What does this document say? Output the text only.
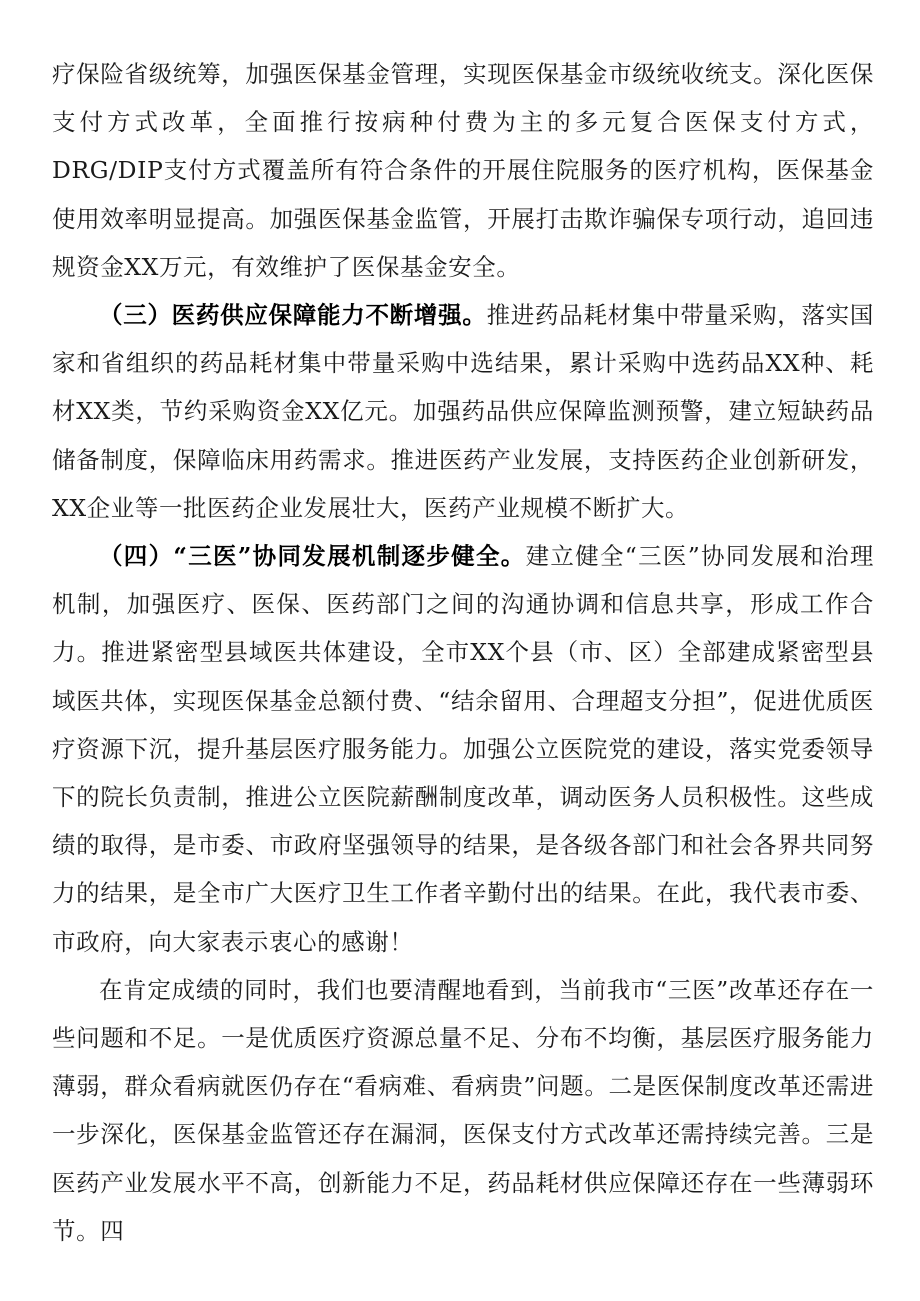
疗保险省级统筹，加强医保基金管理，实现医保基金市级统收统支。深化医保支付方式改革，全面推行按病种付费为主的多元复合医保支付方式，DRG/DIP支付方式覆盖所有符合条件的开展住院服务的医疗机构，医保基金使用效率明显提高。加强医保基金监管，开展打击欺诈骗保专项行动，追回违规资金XX万元，有效维护了医保基金安全。

（三）医药供应保障能力不断增强。推进药品耗材集中带量采购，落实国家和省组织的药品耗材集中带量采购中选结果，累计采购中选药品XX种、耗材XX类，节约采购资金XX亿元。加强药品供应保障监测预警，建立短缺药品储备制度，保障临床用药需求。推进医药产业发展，支持医药企业创新研发，XX企业等一批医药企业发展壮大，医药产业规模不断扩大。

（四）“三医”协同发展机制逐步健全。建立健全“三医”协同发展和治理机制，加强医疗、医保、医药部门之间的沟通协调和信息共享，形成工作合力。推进紧密型县域医共体建设，全市XX个县（市、区）全部建成紧密型县域医共体，实现医保基金总额付费、“结余留用、合理超支分担”，促进优质医疗资源下沉，提升基层医疗服务能力。加强公立医院党的建设，落实党委领导下的院长负责制，推进公立医院薪酬制度改革，调动医务人员积极性。这些成绩的取得，是市委、市政府坚强领导的结果，是各级各部门和社会各界共同努力的结果，是全市广大医疗卫生工作者辛勤付出的结果。在此，我代表市委、市政府，向大家表示衷心的感谢！

在肯定成绩的同时，我们也要清醒地看到，当前我市“三医”改革还存在一些问题和不足。一是优质医疗资源总量不足、分布不均衡，基层医疗服务能力薄弱，群众看病就医仍存在“看病难、看病贵”问题。二是医保制度改革还需进一步深化，医保基金监管还存在漏洞，医保支付方式改革还需持续完善。三是医药产业发展水平不高，创新能力不足，药品耗材供应保障还存在一些薄弱环节。四
